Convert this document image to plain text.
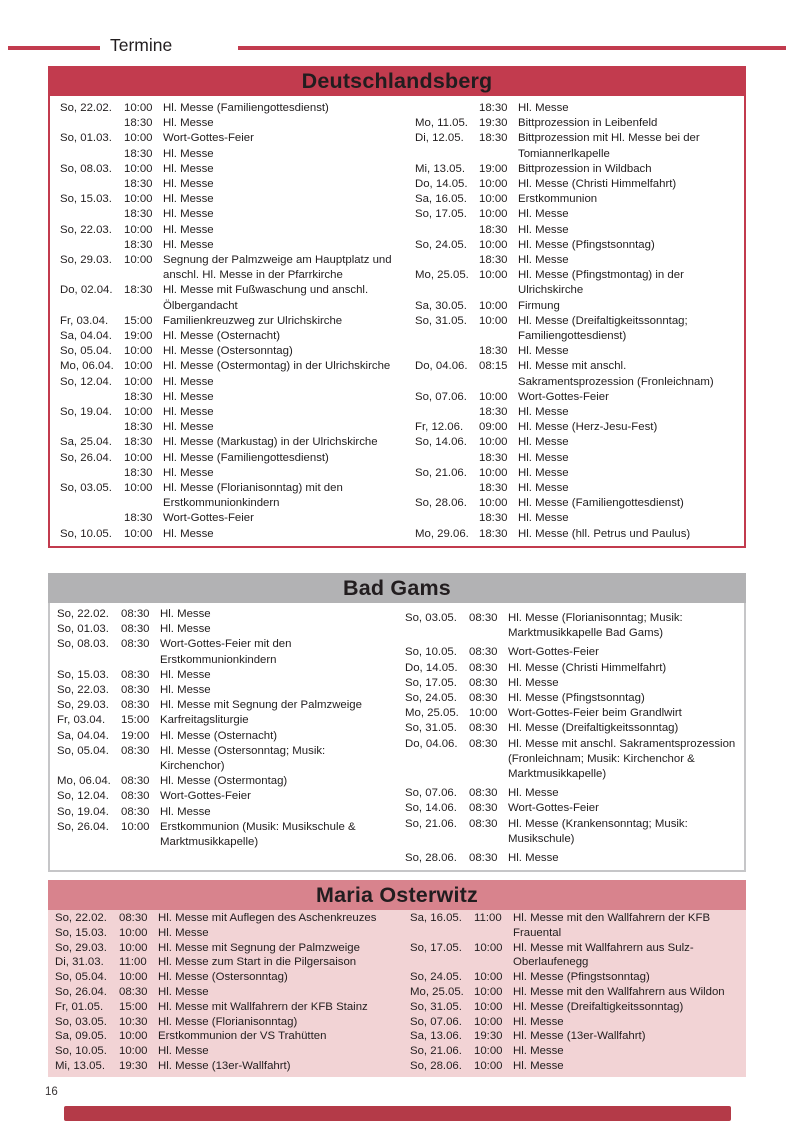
Termine
Deutschlandsberg
So, 22.02.	10:00 Hl. Messe (Familiengottesdienst)
18:30 Hl. Messe
So, 01.03.	10:00 Wort-Gottes-Feier
18:30 Hl. Messe
So, 08.03.	10:00 Hl. Messe
18:30 Hl. Messe
So, 15.03.	10:00 Hl. Messe
18:30 Hl. Messe
So, 22.03.	10:00 Hl. Messe
18:30 Hl. Messe
So, 29.03.	10:00 Segnung der Palmzweige am Hauptplatz und anschl. Hl. Messe in der Pfarrkirche
Do, 02.04.	18:30 Hl. Messe mit Fußwaschung und anschl. Ölbergandacht
Fr, 03.04.	15:00 Familienkreuzweg zur Ulrichskirche
Sa, 04.04.	19:00 Hl. Messe (Osternacht)
So, 05.04.	10:00 Hl. Messe (Ostersonntag)
Mo, 06.04. 10:00 Hl. Messe (Ostermontag) in der Ulrichskirche
So, 12.04.	10:00 Hl. Messe
18:30 Hl. Messe
So, 19.04.	10:00 Hl. Messe
18:30 Hl. Messe
Sa, 25.04.	18:30 Hl. Messe (Markustag) in der Ulrichskirche
So, 26.04.	10:00 Hl. Messe (Familiengottesdienst)
18:30 Hl. Messe
So, 03.05.	10:00 Hl. Messe (Florianisonntag) mit den Erstkommunionkindern
18:30 Wort-Gottes-Feier
So, 10.05.	10:00 Hl. Messe
18:30 Hl. Messe
Mo, 11.05. 19:30 Bittprozession in Leibenfeld
Di, 12.05.	18:30 Bittprozession mit Hl. Messe bei der Tomiannerlkapelle
Mi, 13.05.	19:00 Bittprozession in Wildbach
Do, 14.05.	10:00 Hl. Messe (Christi Himmelfahrt)
Sa, 16.05.	10:00 Erstkommunion
So, 17.05.	10:00 Hl. Messe
18:30 Hl. Messe
So, 24.05.	10:00 Hl. Messe (Pfingstsonntag)
18:30 Hl. Messe
Mo, 25.05. 10:00 Hl. Messe (Pfingstmontag) in der Ulrichskirche
Sa, 30.05.	10:00 Firmung
So, 31.05.	10:00 Hl. Messe (Dreifaltigkeitssonntag; Familiengottesdienst)
18:30 Hl. Messe
Do, 04.06.	08:15 Hl. Messe mit anschl. Sakramentsprozession (Fronleichnam)
So, 07.06.	10:00 Wort-Gottes-Feier
18:30 Hl. Messe
Fr, 12.06.	09:00 Hl. Messe (Herz-Jesu-Fest)
So, 14.06.	10:00 Hl. Messe
18:30 Hl. Messe
So, 21.06.	10:00 Hl. Messe
18:30 Hl. Messe
So, 28.06.	10:00 Hl. Messe (Familiengottesdienst)
18:30 Hl. Messe
Mo, 29.06. 18:30 Hl. Messe (hll. Petrus und Paulus)
Bad Gams
So, 22.02.	08:30 Hl. Messe
So, 01.03.	08:30 Hl. Messe
So, 08.03.	08:30 Wort-Gottes-Feier mit den Erstkommunionkindern
So, 15.03.	08:30 Hl. Messe
So, 22.03.	08:30 Hl. Messe
So, 29.03.	08:30 Hl. Messe mit Segnung der Palmzweige
Fr, 03.04.	15:00 Karfreitagsliturgie
Sa, 04.04.	19:00 Hl. Messe (Osternacht)
So, 05.04.	08:30 Hl. Messe (Ostersonntag; Musik: Kirchenchor)
Mo, 06.04. 08:30 Hl. Messe (Ostermontag)
So, 12.04.	08:30 Wort-Gottes-Feier
So, 19.04.	08:30 Hl. Messe
So, 26.04.	10:00 Erstkommunion (Musik: Musikschule & Marktmusikkapelle)
So, 03.05.	08:30 Hl. Messe (Florianisonntag; Musik: Marktmusikkapelle Bad Gams)
So, 10.05.	08:30 Wort-Gottes-Feier
Do, 14.05.	08:30 Hl. Messe (Christi Himmelfahrt)
So, 17.05.	08:30 Hl. Messe
So, 24.05.	08:30 Hl. Messe (Pfingstsonntag)
Mo, 25.05. 10:00 Wort-Gottes-Feier beim Grandlwirt
So, 31.05.	08:30 Hl. Messe (Dreifaltigkeitssonntag)
Do, 04.06.	08:30 Hl. Messe mit anschl. Sakramentsprozession (Fronleichnam; Musik: Kirchenchor & Marktmusikkapelle)
So, 07.06.	08:30 Hl. Messe
So, 14.06.	08:30 Wort-Gottes-Feier
So, 21.06.	08:30 Hl. Messe (Krankensonntag; Musik: Musikschule)
So, 28.06.	08:30 Hl. Messe
Maria Osterwitz
So, 22.02.	08:30 Hl. Messe mit Auflegen des Aschenkreuzes
So, 15.03.	10:00 Hl. Messe
So, 29.03.	10:00 Hl. Messe mit Segnung der Palmzweige
Di, 31.03.	11:00 Hl. Messe zum Start in die Pilgersaison
So, 05.04.	10:00 Hl. Messe (Ostersonntag)
So, 26.04.	08:30 Hl. Messe
Fr, 01.05.	15:00 Hl. Messe mit Wallfahrern der KFB Stainz
So, 03.05.	10:30 Hl. Messe (Florianisonntag)
Sa, 09.05.	10:00 Erstkommunion der VS Trahütten
So, 10.05.	10:00 Hl. Messe
Mi, 13.05.	19:30 Hl. Messe (13er-Wallfahrt)
Sa, 16.05.	11:00 Hl. Messe mit den Wallfahrern der KFB Frauental
So, 17.05.	10:00 Hl. Messe mit Wallfahrern aus Sulz-Oberlaufenegg
So, 24.05.	10:00 Hl. Messe (Pfingstsonntag)
Mo, 25.05. 10:00 Hl. Messe mit den Wallfahrern aus Wildon
So, 31.05.	10:00 Hl. Messe (Dreifaltigkeitssonntag)
So, 07.06.	10:00 Hl. Messe
Sa, 13.06.	19:30 Hl. Messe (13er-Wallfahrt)
So, 21.06.	10:00 Hl. Messe
So, 28.06.	10:00 Hl. Messe
16
